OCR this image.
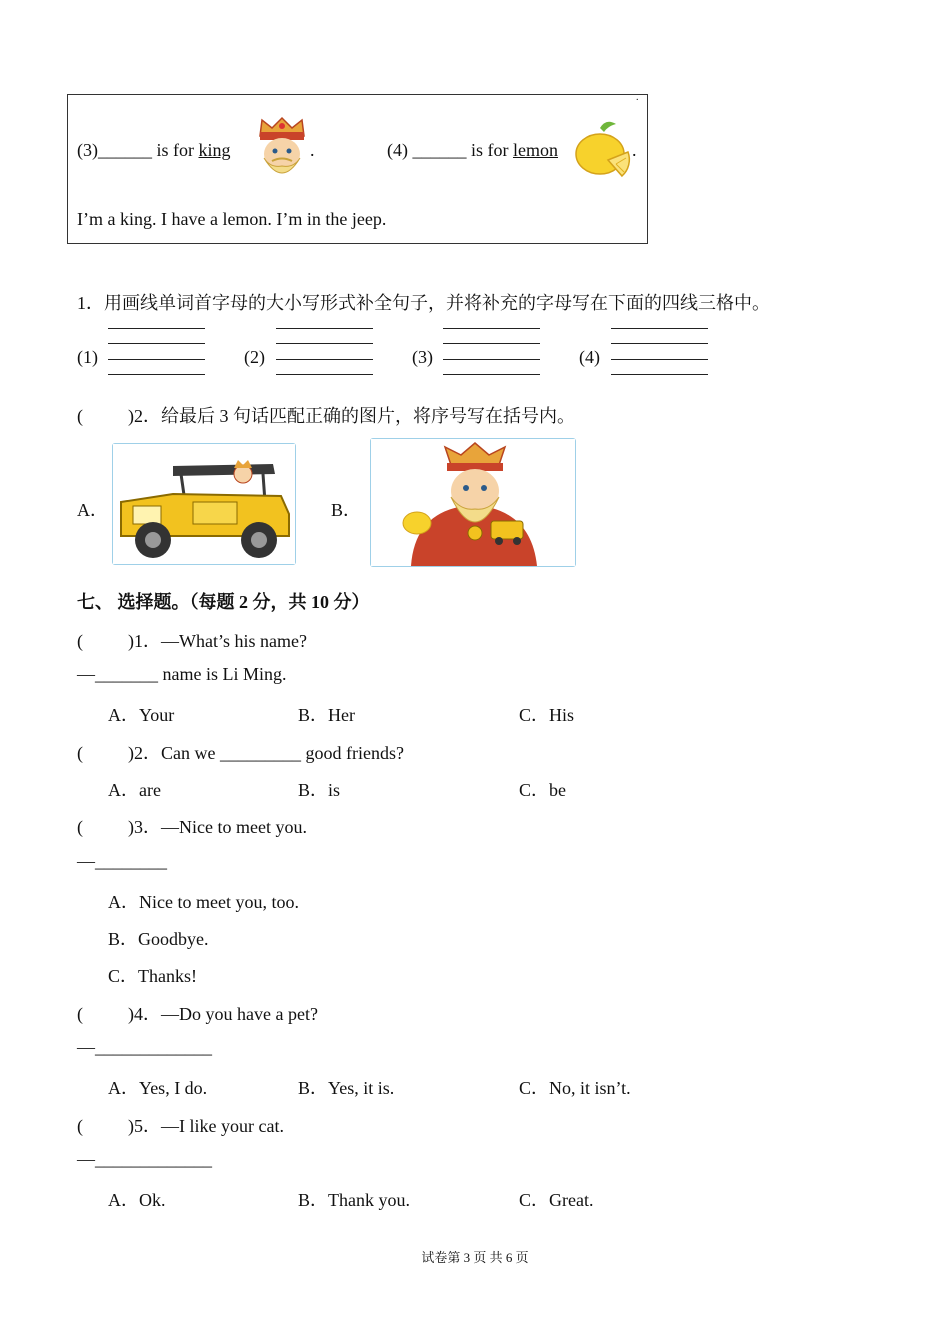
.
(3)______ is for king	.	(4) ______ is for lemon	.
I’m a king. I have a lemon. I’m in the jeep.
1．用画线单词首字母的大小写形式补全句子，并将补充的字母写在下面的四线三格中。
(1)	(2)	(3)	(4)
(          )2．给最后 3 句话匹配正确的图片，将序号写在括号内。
A．	B．
七、 选择题。（每题 2 分，共 10 分）
(          )1．—What’s his name?
—_______ name is Li Ming.
A．Your	B．Her	C．His
(          )2．Can we _________ good friends?
A．are	B．is	C．be
(          )3．—Nice to meet you.
—________
A．Nice to meet you, too.
B．Goodbye.
C．Thanks!
(          )4．—Do you have a pet?
—_____________
A．Yes, I do.	B．Yes, it is.	C．No, it isn’t.
(          )5．—I like your cat.
—_____________
A．Ok.	B．Thank you.	C．Great.
试卷第 3 页 共 6 页
